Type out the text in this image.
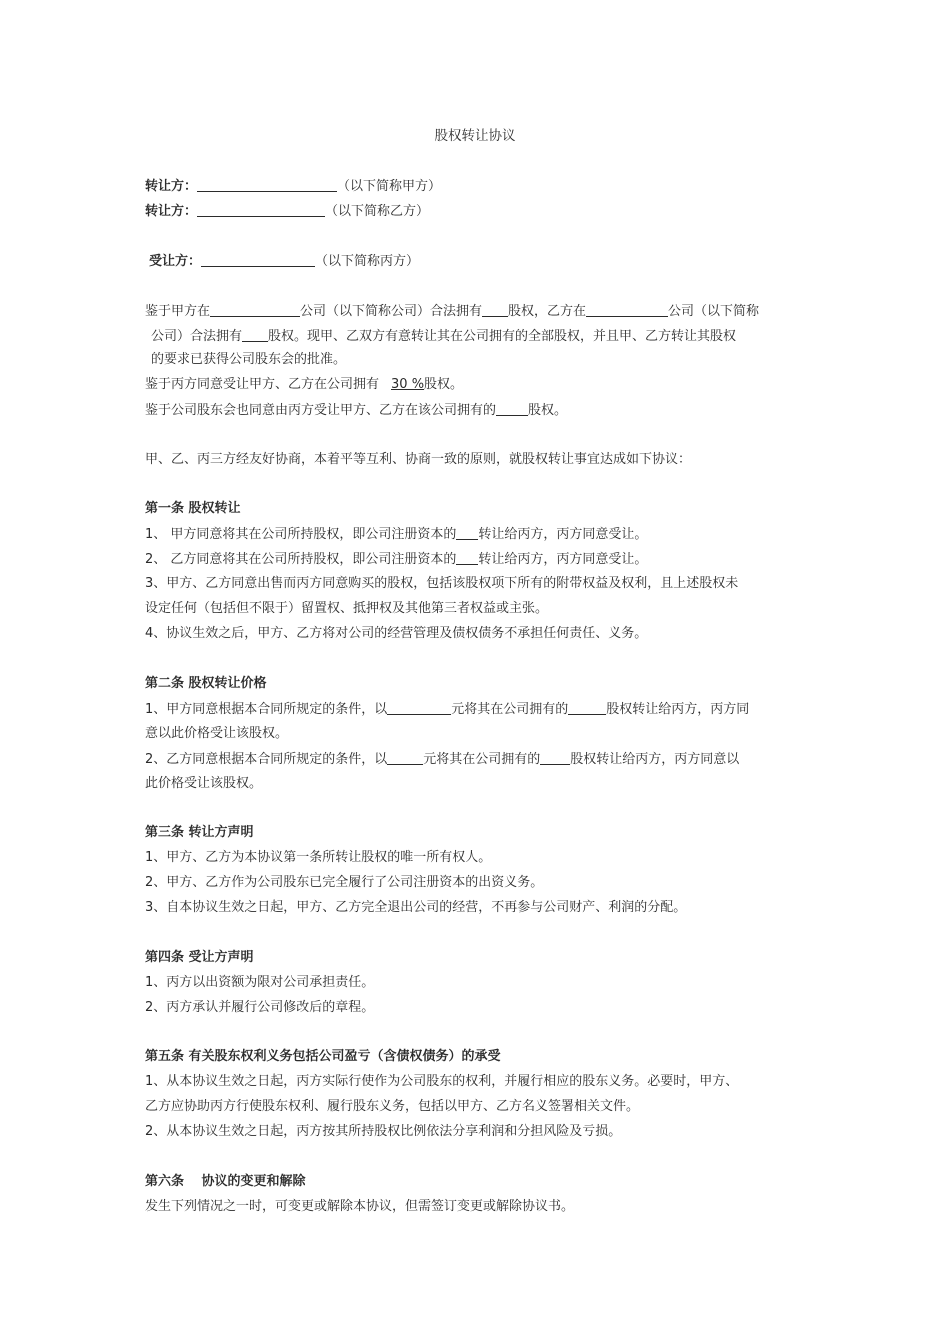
股权转让协议
转让方：	（以下简称甲方）
转让方：	（以下简称乙方）
受让方：	（以下简称丙方）
鉴于甲方在	公司（以下简称公司）合法拥有 股权，乙方在	公司（以下简称
公司）合法拥有 股权。现甲、乙双方有意转让其在公司拥有的全部股权，并且甲、乙方转让其股权
的要求已获得公司股东会的批准。
鉴于丙方同意受让甲方、乙方在公司拥有 30 %股权。
鉴于公司股东会也同意由丙方受让甲方、乙方在该公司拥有的 股权。
甲、乙、丙三方经友好协商，本着平等互利、协商一致的原则，就股权转让事宜达成如下协议：
第一条 股权转让
1、 甲方同意将其在公司所持股权，即公司注册资本的 转让给丙方，丙方同意受让。
2、 乙方同意将其在公司所持股权，即公司注册资本的 转让给丙方，丙方同意受让。
3、甲方、乙方同意出售而丙方同意购买的股权，包括该股权项下所有的附带权益及权利，且上述股权未
设定任何（包括但不限于）留置权、抵押权及其他第三者权益或主张。
4、协议生效之后，甲方、乙方将对公司的经营管理及债权债务不承担任何责任、义务。
第二条 股权转让价格
1、甲方同意根据本合同所规定的条件，以	元将其在公司拥有的	股权转让给丙方，丙方同
意以此价格受让该股权。
2、乙方同意根据本合同所规定的条件，以	元将其在公司拥有的 股权转让给丙方，丙方同意以
此价格受让该股权。
第三条 转让方声明
1、甲方、乙方为本协议第一条所转让股权的唯一所有权人。
2、甲方、乙方作为公司股东已完全履行了公司注册资本的出资义务。
3、自本协议生效之日起，甲方、乙方完全退出公司的经营，不再参与公司财产、利润的分配。
第四条 受让方声明
1、丙方以出资额为限对公司承担责任。
2、丙方承认并履行公司修改后的章程。
第五条 有关股东权利义务包括公司盈亏（含债权债务）的承受
1、从本协议生效之日起，丙方实际行使作为公司股东的权利，并履行相应的股东义务。必要时，甲方、
乙方应协助丙方行使股东权利、履行股东义务，包括以甲方、乙方名义签署相关文件。
2、从本协议生效之日起，丙方按其所持股权比例依法分享利润和分担风险及亏损。
第六条　 协议的变更和解除
发生下列情况之一时，可变更或解除本协议，但需签订变更或解除协议书。
